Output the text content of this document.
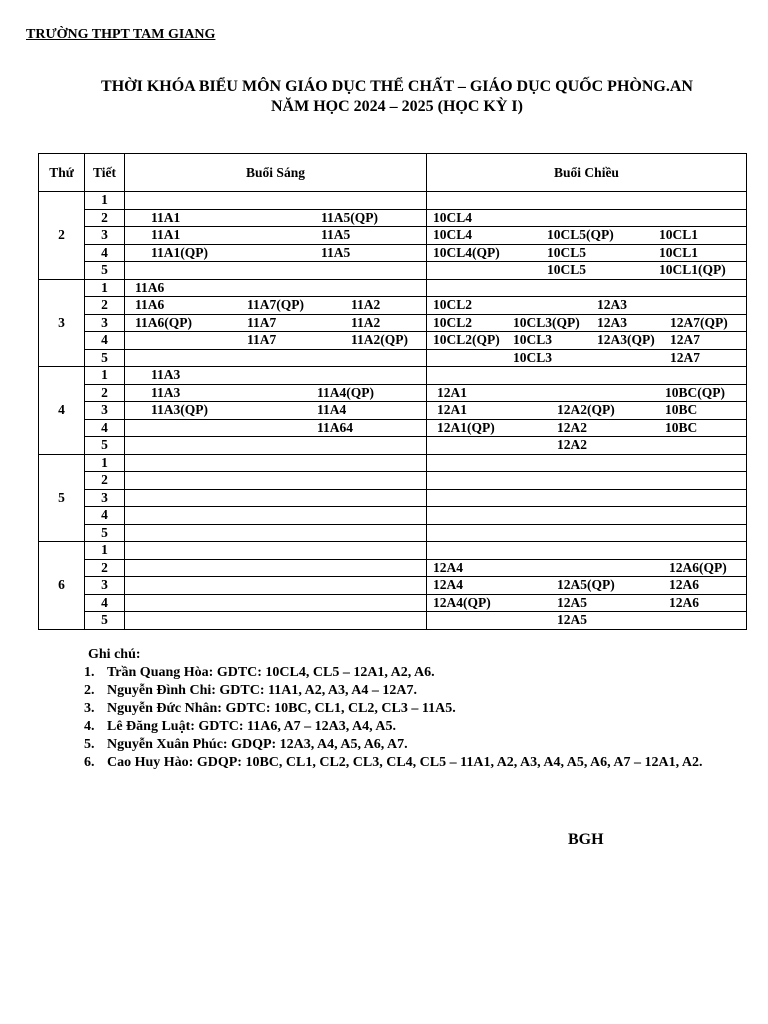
TRƯỜNG THPT TAM GIANG
THỜI KHÓA BIỂU MÔN GIÁO DỤC THỂ CHẤT – GIÁO DỤC QUỐC PHÒNG.AN
NĂM HỌC 2024 – 2025 (HỌC KỲ I)
Thứ	Tiết	Buổi Sáng	Buổi Chiều
2	1		
	2	11A1 11A5(QP)	10CL4

	3	11A1 11A5	10CL4 10CL5(QP) 10CL1

	4	11A1(QP) 11A5	10CL4(QP) 10CL5 10CL1

	5		10CL5 10CL1(QP)

3	1	11A6	

	2	11A6 11A7(QP) 11A2	10CL2 12A3

	3	11A6(QP) 11A7 11A2	10CL2 10CL3(QP) 12A3 12A7(QP)

	4	11A7 11A2(QP)	10CL2(QP) 10CL3 12A3(QP) 12A7

	5		10CL3 12A7

4	1	11A3	

	2	11A3 11A4(QP)	12A1 10BC(QP)

	3	11A3(QP) 11A4	12A1 12A2(QP) 10BC

	4	11A64	12A1(QP) 12A2 10BC

	5		12A2

5	1		
	2		
	3		
	4		
	5		
6	1		
	2		12A4 12A6(QP)

	3		12A4 12A5(QP) 12A6

	4		12A4(QP) 12A5 12A6

	5		12A5
Ghi chú:
1. Trần Quang Hòa: GDTC: 10CL4, CL5 – 12A1, A2, A6.
2. Nguyễn Đình Chi: GDTC: 11A1, A2, A3, A4 – 12A7.
3. Nguyễn Đức Nhân: GDTC: 10BC, CL1, CL2, CL3 – 11A5.
4. Lê Đăng Luật: GDTC: 11A6, A7 – 12A3, A4, A5.
5. Nguyễn Xuân Phúc: GDQP: 12A3, A4, A5, A6, A7.
6. Cao Huy Hào: GDQP: 10BC, CL1, CL2, CL3, CL4, CL5 – 11A1, A2, A3, A4, A5, A6, A7 – 12A1, A2.
BGH
